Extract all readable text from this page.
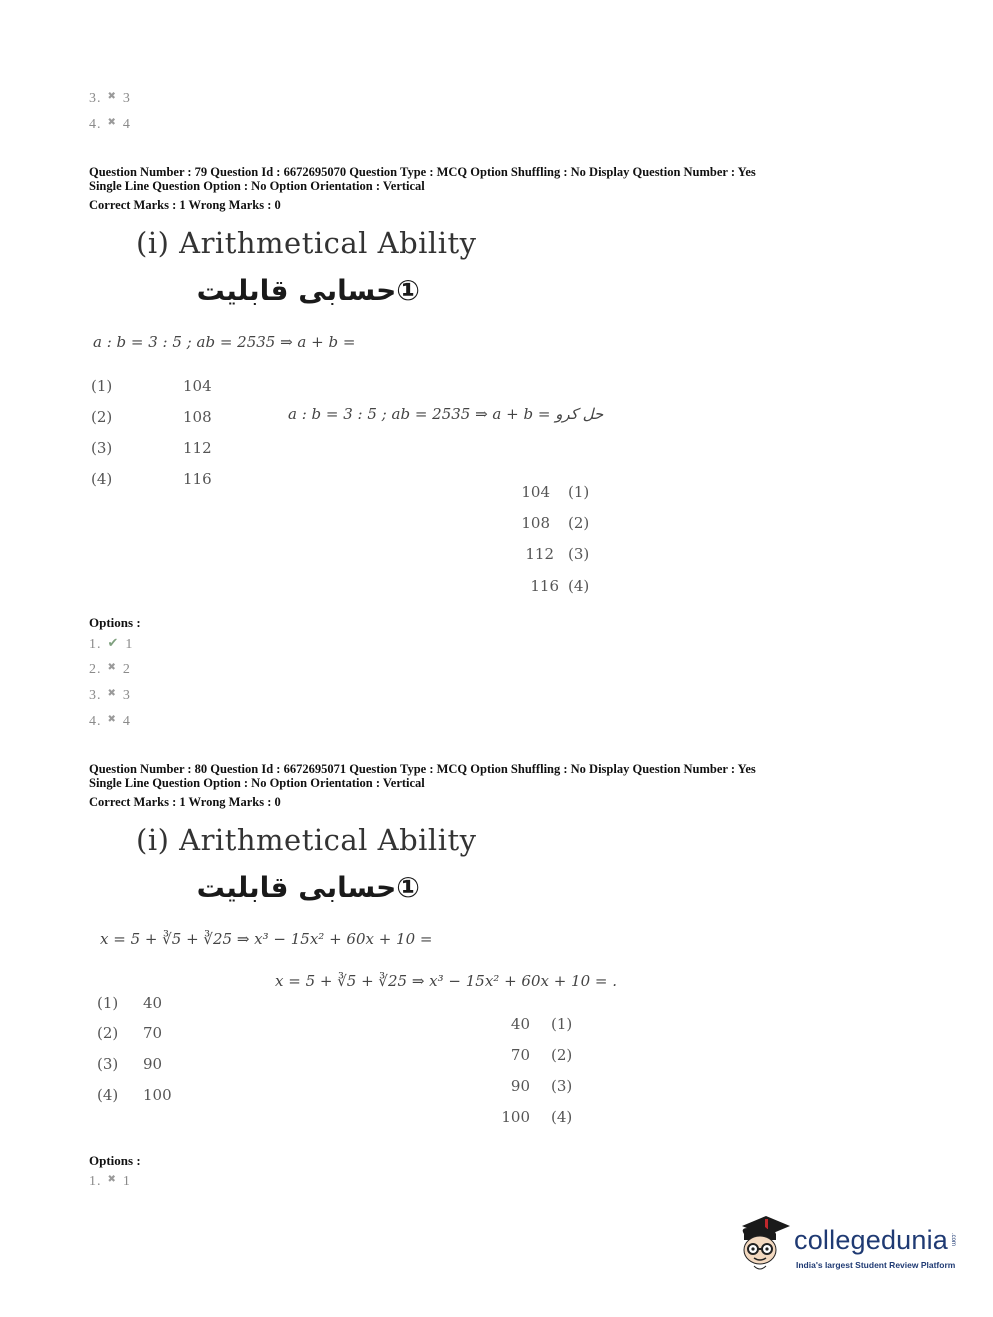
3. ✖ 3
4. ✖ 4
Question Number : 79 Question Id : 6672695070 Question Type : MCQ Option Shuffling : No Display Question Number : Yes
Single Line Question Option : No Option Orientation : Vertical
Correct Marks : 1 Wrong Marks : 0
(i) Arithmetical Ability
①حسابی قابلیت
a : b = 3 : 5 ; ab = 2535 ⇒ a + b =
(1)	104
(2)	108
(3)	112
(4)	116
a : b = 3 : 5 ; ab = 2535 ⇒ a + b = حل کرو
104 (1)
108 (2)
112 (3)
116 (4)
Options :
1. ✔ 1
2. ✖ 2
3. ✖ 3
4. ✖ 4
Question Number : 80 Question Id : 6672695071 Question Type : MCQ Option Shuffling : No Display Question Number : Yes
Single Line Question Option : No Option Orientation : Vertical
Correct Marks : 1 Wrong Marks : 0
(i) Arithmetical Ability
①حسابی قابلیت
x = 5 + ∛5 + ∛25 ⇒ x³ − 15x² + 60x + 10 =
x = 5 + ∛5 + ∛25 ⇒ x³ − 15x² + 60x + 10 = .
(1) 40
(2) 70
(3) 90
(4) 100
40 (1)
70 (2)
90 (3)
100 (4)
Options :
1. ✖ 1
collegedunia .com
India's largest Student Review Platform
